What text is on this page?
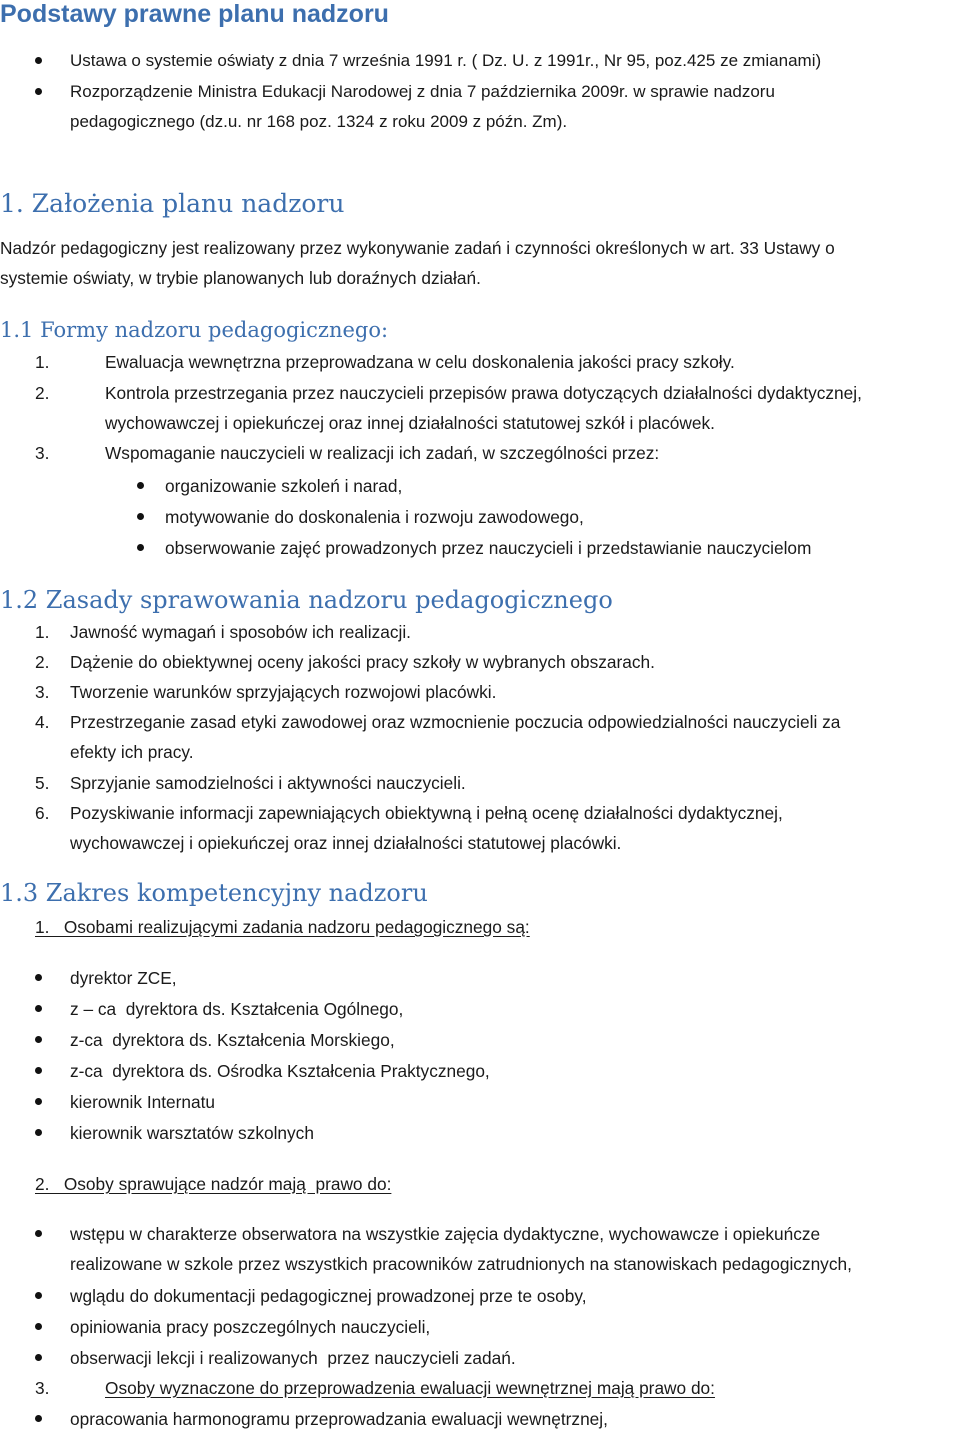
Podstawy prawne planu nadzoru
Ustawa o systemie oświaty z dnia 7 września 1991 r. ( Dz. U. z 1991r., Nr 95, poz.425 ze zmianami)
Rozporządzenie Ministra Edukacji Narodowej z dnia 7 października 2009r. w sprawie nadzoru
pedagogicznego (dz.u. nr 168 poz. 1324 z roku 2009 z późn. Zm).
1. Założenia planu nadzoru
Nadzór pedagogiczny jest realizowany przez wykonywanie zadań i czynności określonych w art. 33 Ustawy o
systemie oświaty, w trybie planowanych lub doraźnych działań.
1.1 Formy nadzoru pedagogicznego:
1.	Ewaluacja wewnętrzna przeprowadzana w celu doskonalenia jakości pracy szkoły.
2.	Kontrola przestrzegania przez nauczycieli przepisów prawa dotyczących działalności dydaktycznej,
wychowawczej i opiekuńczej oraz innej działalności statutowej szkół i placówek.
3.	Wspomaganie nauczycieli w realizacji ich zadań, w szczególności przez:
organizowanie szkoleń i narad,
motywowanie do doskonalenia i rozwoju zawodowego,
obserwowanie zajęć prowadzonych przez nauczycieli i przedstawianie nauczycielom
1.2 Zasady sprawowania nadzoru pedagogicznego
1. Jawność wymagań i sposobów ich realizacji.
2. Dążenie do obiektywnej oceny jakości pracy szkoły w wybranych obszarach.
3. Tworzenie warunków sprzyjających rozwojowi placówki.
4. Przestrzeganie zasad etyki zawodowej oraz wzmocnienie poczucia odpowiedzialności nauczycieli za
efekty ich pracy.
5. Sprzyjanie samodzielności i aktywności nauczycieli.
6. Pozyskiwanie informacji zapewniających obiektywną i pełną ocenę działalności dydaktycznej,
wychowawczej i opiekuńczej oraz innej działalności statutowej placówki.
1.3 Zakres kompetencyjny nadzoru
1.   Osobami realizującymi zadania nadzoru pedagogicznego są:
dyrektor ZCE,
z – ca  dyrektora ds. Kształcenia Ogólnego,
z-ca  dyrektora ds. Kształcenia Morskiego,
z-ca  dyrektora ds. Ośrodka Kształcenia Praktycznego,
kierownik Internatu
kierownik warsztatów szkolnych
2.   Osoby sprawujące nadzór mają  prawo do:
wstępu w charakterze obserwatora na wszystkie zajęcia dydaktyczne, wychowawcze i opiekuńcze
realizowane w szkole przez wszystkich pracowników zatrudnionych na stanowiskach pedagogicznych,
wglądu do dokumentacji pedagogicznej prowadzonej prze te osoby,
opiniowania pracy poszczególnych nauczycieli,
obserwacji lekcji i realizowanych  przez nauczycieli zadań.
3.	Osoby wyznaczone do przeprowadzenia ewaluacji wewnętrznej mają prawo do:
opracowania harmonogramu przeprowadzania ewaluacji wewnętrznej,
